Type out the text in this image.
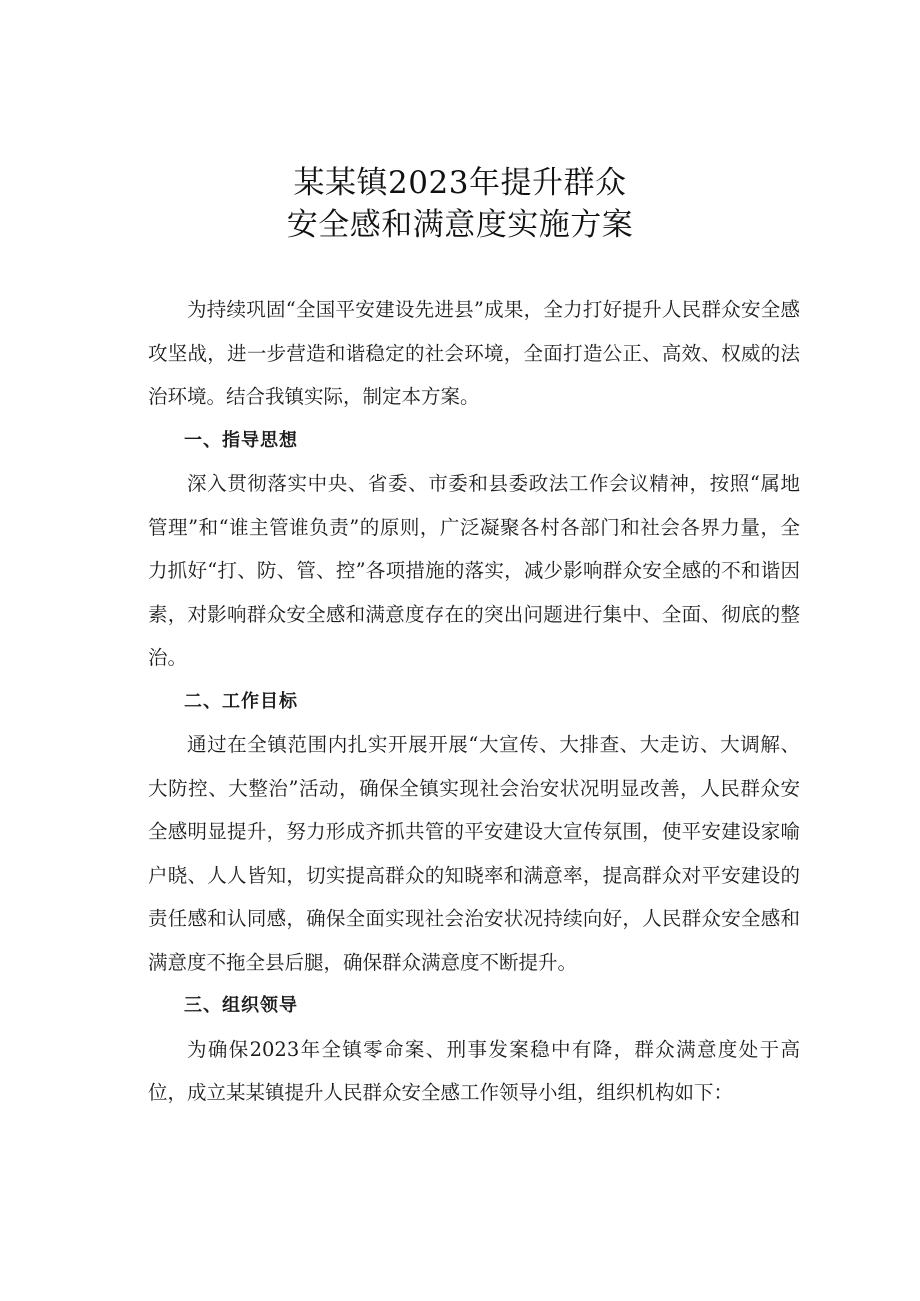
某某镇2023年提升群众
安全感和满意度实施方案

为持续巩固“全国平安建设先进县”成果，全力打好提升人民群众安全感攻坚战，进一步营造和谐稳定的社会环境，全面打造公正、高效、权威的法治环境。结合我镇实际，制定本方案。

一、指导思想

深入贯彻落实中央、省委、市委和县委政法工作会议精神，按照“属地管理”和“谁主管谁负责”的原则，广泛凝聚各村各部门和社会各界力量，全力抓好“打、防、管、控”各项措施的落实，减少影响群众安全感的不和谐因素，对影响群众安全感和满意度存在的突出问题进行集中、全面、彻底的整治。

二、工作目标

通过在全镇范围内扎实开展开展“大宣传、大排查、大走访、大调解、大防控、大整治”活动，确保全镇实现社会治安状况明显改善，人民群众安全感明显提升，努力形成齐抓共管的平安建设大宣传氛围，使平安建设家喻户晓、人人皆知，切实提高群众的知晓率和满意率，提高群众对平安建设的责任感和认同感，确保全面实现社会治安状况持续向好，人民群众安全感和满意度不拖全县后腿，确保群众满意度不断提升。

三、组织领导

为确保2023年全镇零命案、刑事发案稳中有降，群众满意度处于高位，成立某某镇提升人民群众安全感工作领导小组，组织机构如下：
